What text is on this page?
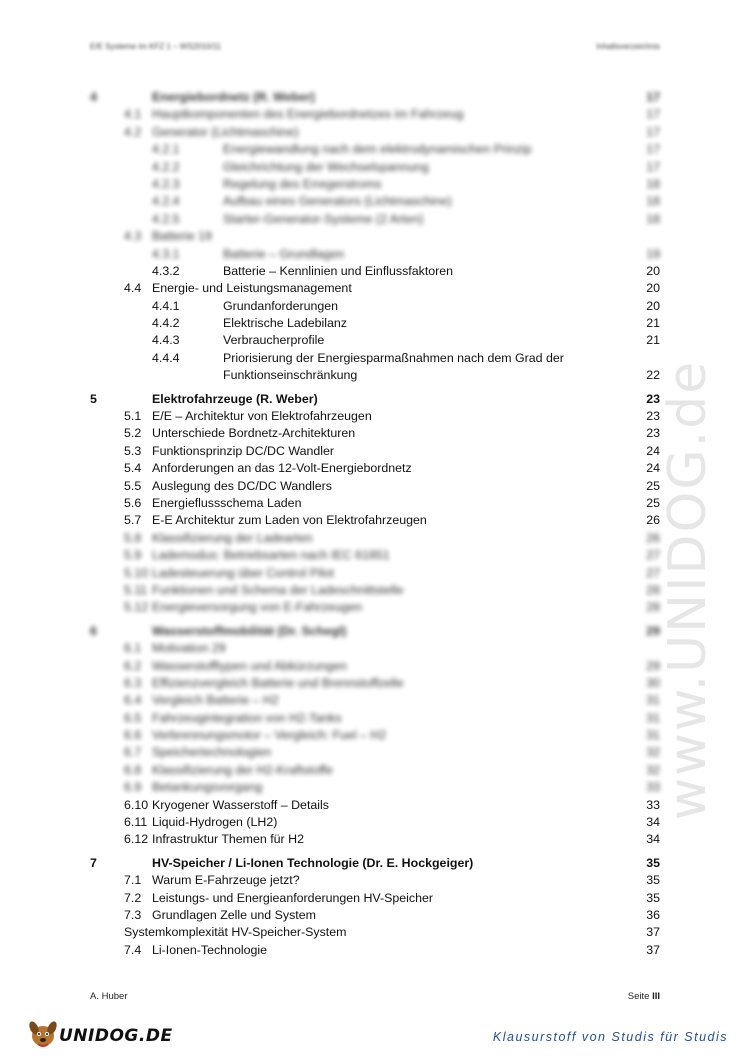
E/E Systeme im KFZ 1 – WS2010/11	Inhaltsverzeichnis
4	Energiebordnetz (R. Weber)	17
4.1 Hauptkomponenten des Energiebordnetzes im Fahrzeug	17
4.2 Generator (Lichtmaschine)	17
4.2.1	Energiewandlung nach dem elektrodynamischen Prinzip	17
4.2.2	Gleichrichtung der Wechselspannung	17
4.2.3	Regelung des Erregerstroms	18
4.2.4	Aufbau eines Generators (Lichtmaschine)	18
4.2.5	Starter-Generator-Systeme (2 Arten)	18
4.3 Batterie 19
4.3.1	Batterie – Grundlagen	19
4.3.2	Batterie – Kennlinien und Einflussfaktoren	20
4.4 Energie- und Leistungsmanagement	20
4.4.1	Grundanforderungen	20
4.4.2	Elektrische Ladebilanz	21
4.4.3	Verbraucherprofile	21
4.4.4	Priorisierung der Energiesparmaßnahmen nach dem Grad der Funktionseinschränkung	22
5	Elektrofahrzeuge (R. Weber)	23
5.1 E/E – Architektur von Elektrofahrzeugen	23
5.2 Unterschiede Bordnetz-Architekturen	23
5.3 Funktionsprinzip DC/DC Wandler	24
5.4 Anforderungen an das 12-Volt-Energiebordnetz	24
5.5 Auslegung des DC/DC Wandlers	25
5.6 Energieflussschema Laden	25
5.7 E-E Architektur zum Laden von Elektrofahrzeugen	26
5.8 Klassifizierung der Ladearten	26
5.9 Lademodus: Betriebsarten nach IEC 61851	27
5.10 Ladesteuerung über Control Pilot	27
5.11 Funktionen und Schema der Ladeschnittstelle	28
5.12 Energieversorgung von E-Fahrzeugen	28
6	Wasserstoffmobilität (Dr. Schegl)	29
6.1 Motivation 29
6.2 Wasserstofftypen und Abkürzungen	29
6.3 Effizienzvergleich Batterie und Brennstoffzelle	30
6.4 Vergleich Batterie – H2	31
6.5 Fahrzeugintegration von H2-Tanks	31
6.6 Verbrennungsmotor – Vergleich: Fuel – H2	31
6.7 Speichertechnologien	32
6.8 Klassifizierung der H2-Kraftstoffe	32
6.9 Betankungsvorgang	33
6.10 Kryogener Wasserstoff – Details	33
6.11 Liquid-Hydrogen (LH2)	34
6.12 Infrastruktur Themen für H2	34
7	HV-Speicher / Li-Ionen Technologie (Dr. E. Hockgeiger)	35
7.1 Warum E-Fahrzeuge jetzt?	35
7.2 Leistungs- und Energieanforderungen HV-Speicher	35
7.3 Grundlagen Zelle und System	36
Systemkomplexität HV-Speicher-System	37
7.4 Li-Ionen-Technologie	37
www.UNIDOG.de
A. Huber	Seite III
UNIDOG.DE	Klausurstoff von Studis für Studis
